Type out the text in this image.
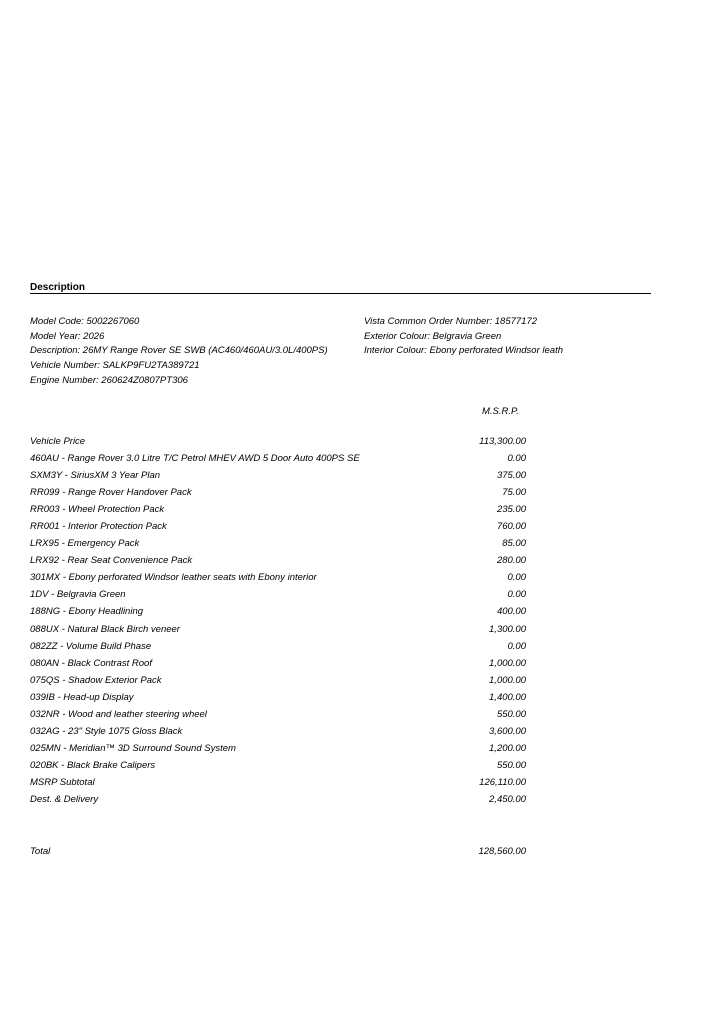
Description
Model Code: 5002267060
Model Year: 2026
Description: 26MY Range Rover SE SWB (AC460/460AU/3.0L/400PS)
Vehicle Number: SALKP9FU2TA389721
Engine Number: 260624Z0807PT306
Vista Common Order Number: 18577172
Exterior Colour: Belgravia Green
Interior Colour: Ebony perforated Windsor leath
M.S.R.P.
Vehicle Price	113,300.00
460AU - Range Rover 3.0 Litre T/C Petrol MHEV AWD 5 Door Auto 400PS SE	0.00
SXM3Y - SiriusXM 3 Year Plan	375.00
RR099 - Range Rover Handover Pack	75.00
RR003 - Wheel Protection Pack	235.00
RR001 - Interior Protection Pack	760.00
LRX95 - Emergency Pack	85.00
LRX92 - Rear Seat Convenience Pack	280.00
301MX - Ebony perforated Windsor leather seats with Ebony interior	0.00
1DV - Belgravia Green	0.00
188NG - Ebony Headlining	400.00
088UX - Natural Black Birch veneer	1,300.00
082ZZ - Volume Build Phase	0.00
080AN - Black Contrast Roof	1,000.00
075QS - Shadow Exterior Pack	1,000.00
039IB - Head-up Display	1,400.00
032NR - Wood and leather steering wheel	550.00
032AG - 23" Style 1075 Gloss Black	3,600.00
025MN - Meridian™ 3D Surround Sound System	1,200.00
020BK - Black Brake Calipers	550.00
MSRP Subtotal	126,110.00
Dest. & Delivery	2,450.00
Total	128,560.00
